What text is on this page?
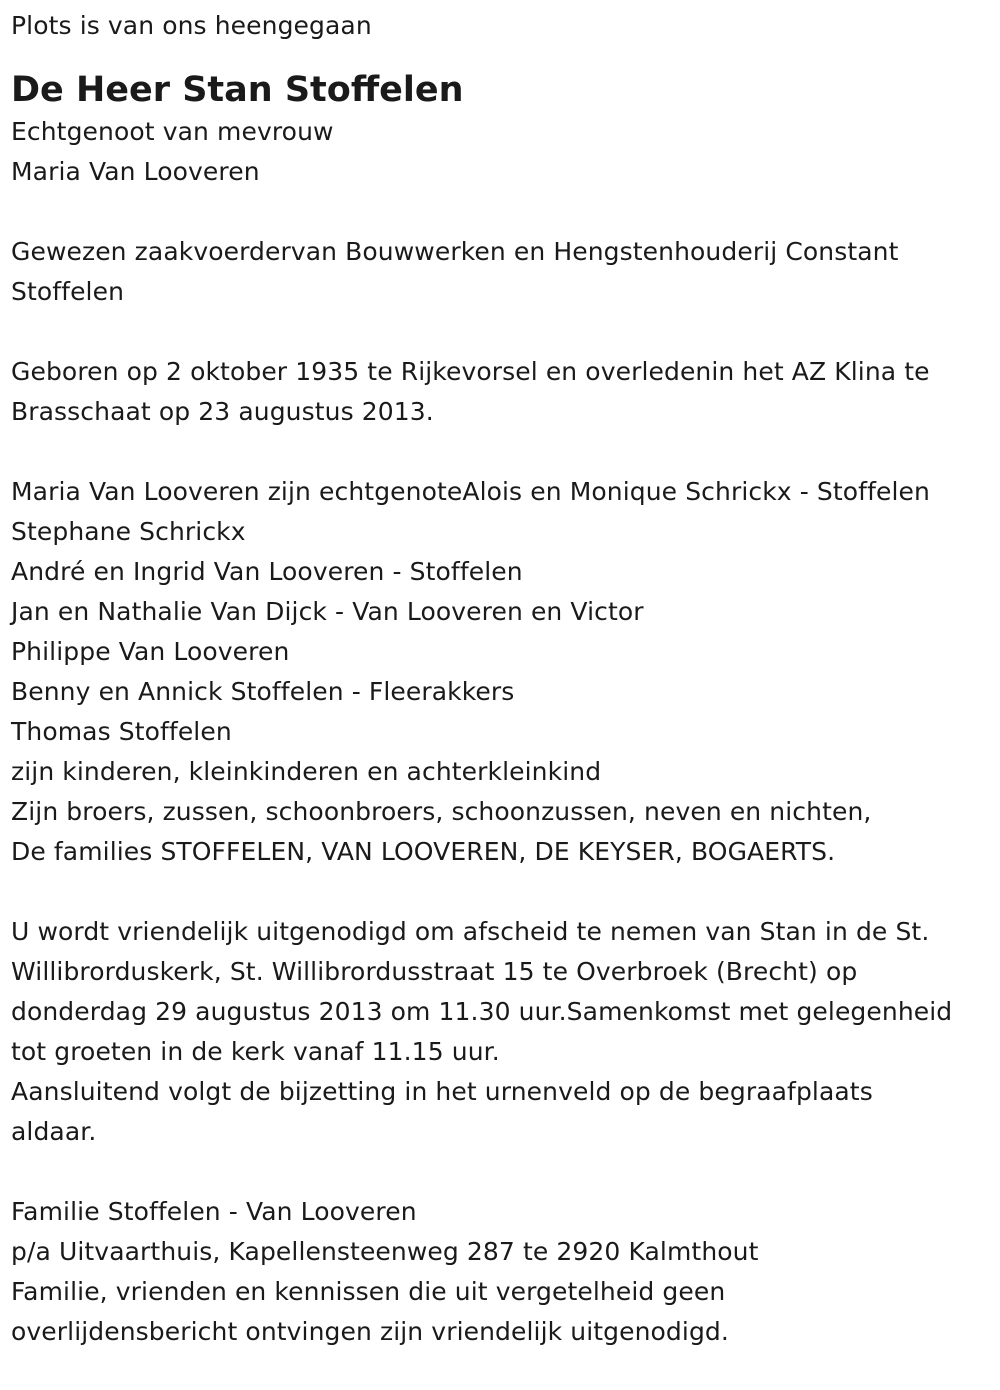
Plots is van ons heengegaan
De Heer Stan Stoffelen
Echtgenoot van mevrouw
Maria Van Looveren
Gewezen zaakvoerdervan Bouwwerken en Hengstenhouderij Constant
Stoffelen
Geboren op 2 oktober 1935 te Rijkevorsel en overledenin het AZ Klina te
Brasschaat op 23 augustus 2013.
Maria Van Looveren zijn echtgenoteAlois en Monique Schrickx - Stoffelen
Stephane Schrickx
André en Ingrid Van Looveren - Stoffelen
Jan en Nathalie Van Dijck - Van Looveren en Victor
Philippe Van Looveren
Benny en Annick Stoffelen - Fleerakkers
Thomas Stoffelen
zijn kinderen, kleinkinderen en achterkleinkind
Zijn broers, zussen, schoonbroers, schoonzussen, neven en nichten,
De families STOFFELEN, VAN LOOVEREN, DE KEYSER, BOGAERTS.
U wordt vriendelijk uitgenodigd om afscheid te nemen van Stan in de St.
Willibrorduskerk, St. Willibrordusstraat 15 te Overbroek (Brecht) op
donderdag 29 augustus 2013 om 11.30 uur.Samenkomst met gelegenheid
tot groeten in de kerk vanaf 11.15 uur.
Aansluitend volgt de bijzetting in het urnenveld op de begraafplaats
aldaar.
Familie Stoffelen - Van Looveren
p/a Uitvaarthuis, Kapellensteenweg 287 te 2920 Kalmthout
Familie, vrienden en kennissen die uit vergetelheid geen
overlijdensbericht ontvingen zijn vriendelijk uitgenodigd.
